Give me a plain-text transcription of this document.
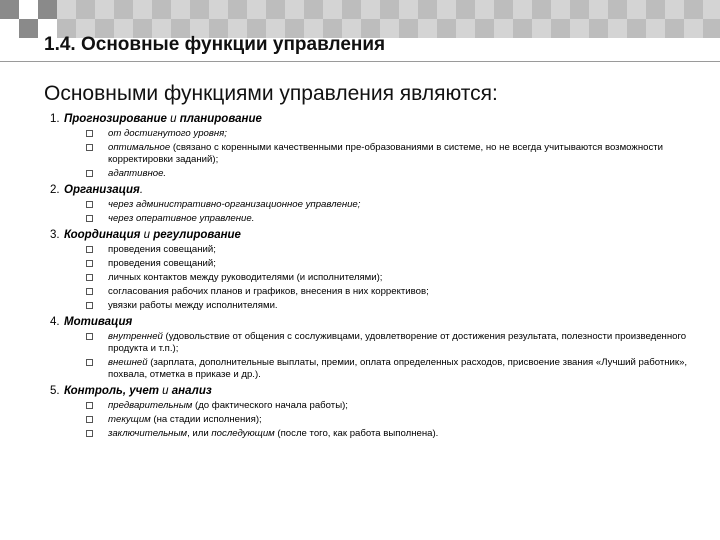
1.4. Основные функции управления
Основными функциями управления являются:
1.Прогнозирование и планирование
от достигнутого уровня;
оптимальное (связано с коренными качественными пре-образованиями в системе, но не всегда учитываются возможности корректировки заданий);
адаптивное.
2.Организация.
через административно-организационное управление;
через оперативное управление.
3.Координация и регулирование
проведения совещаний;
проведения совещаний;
личных контактов между руководителями (и исполнителями);
согласования рабочих планов и графиков, внесения в них коррективов;
увязки работы между исполнителями.
4.Мотивация
внутренней (удовольствие от общения с сослуживцами, удовлетворение от достижения результата, полезности произведенного продукта и т.п.);
внешней (зарплата, дополнительные выплаты, премии, оплата определенных расходов, присвоение звания «Лучший работник», похвала, отметка в приказе и др.).
5.Контроль, учет и анализ
предварительным (до фактического начала работы);
текущим (на стадии исполнения);
заключительным, или последующим (после того, как работа выполнена).
